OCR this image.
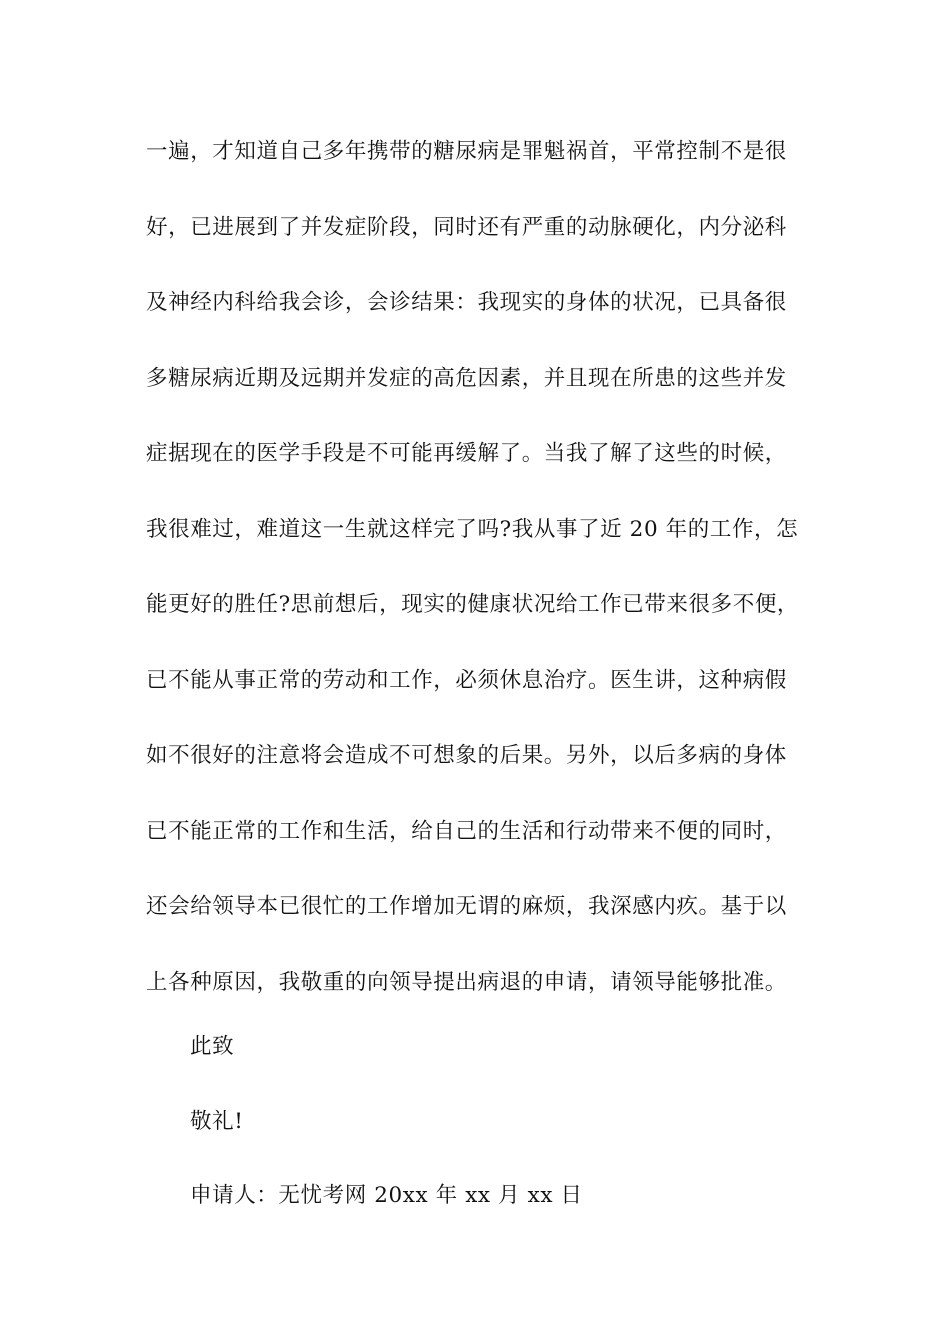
一遍，才知道自己多年携带的糖尿病是罪魁祸首，平常控制不是很
好，已进展到了并发症阶段，同时还有严重的动脉硬化，内分泌科
及神经内科给我会诊，会诊结果：我现实的身体的状况，已具备很
多糖尿病近期及远期并发症的高危因素，并且现在所患的这些并发
症据现在的医学手段是不可能再缓解了。当我了解了这些的时候，
我很难过，难道这一生就这样完了吗?我从事了近 20 年的工作，怎
能更好的胜任?思前想后，现实的健康状况给工作已带来很多不便，
已不能从事正常的劳动和工作，必须休息治疗。医生讲，这种病假
如不很好的注意将会造成不可想象的后果。另外，以后多病的身体
已不能正常的工作和生活，给自己的生活和行动带来不便的同时，
还会给领导本已很忙的工作增加无谓的麻烦，我深感内疚。基于以
上各种原因，我敬重的向领导提出病退的申请，请领导能够批准。
此致
敬礼!
申请人：无忧考网 20xx 年 xx 月 xx 日
